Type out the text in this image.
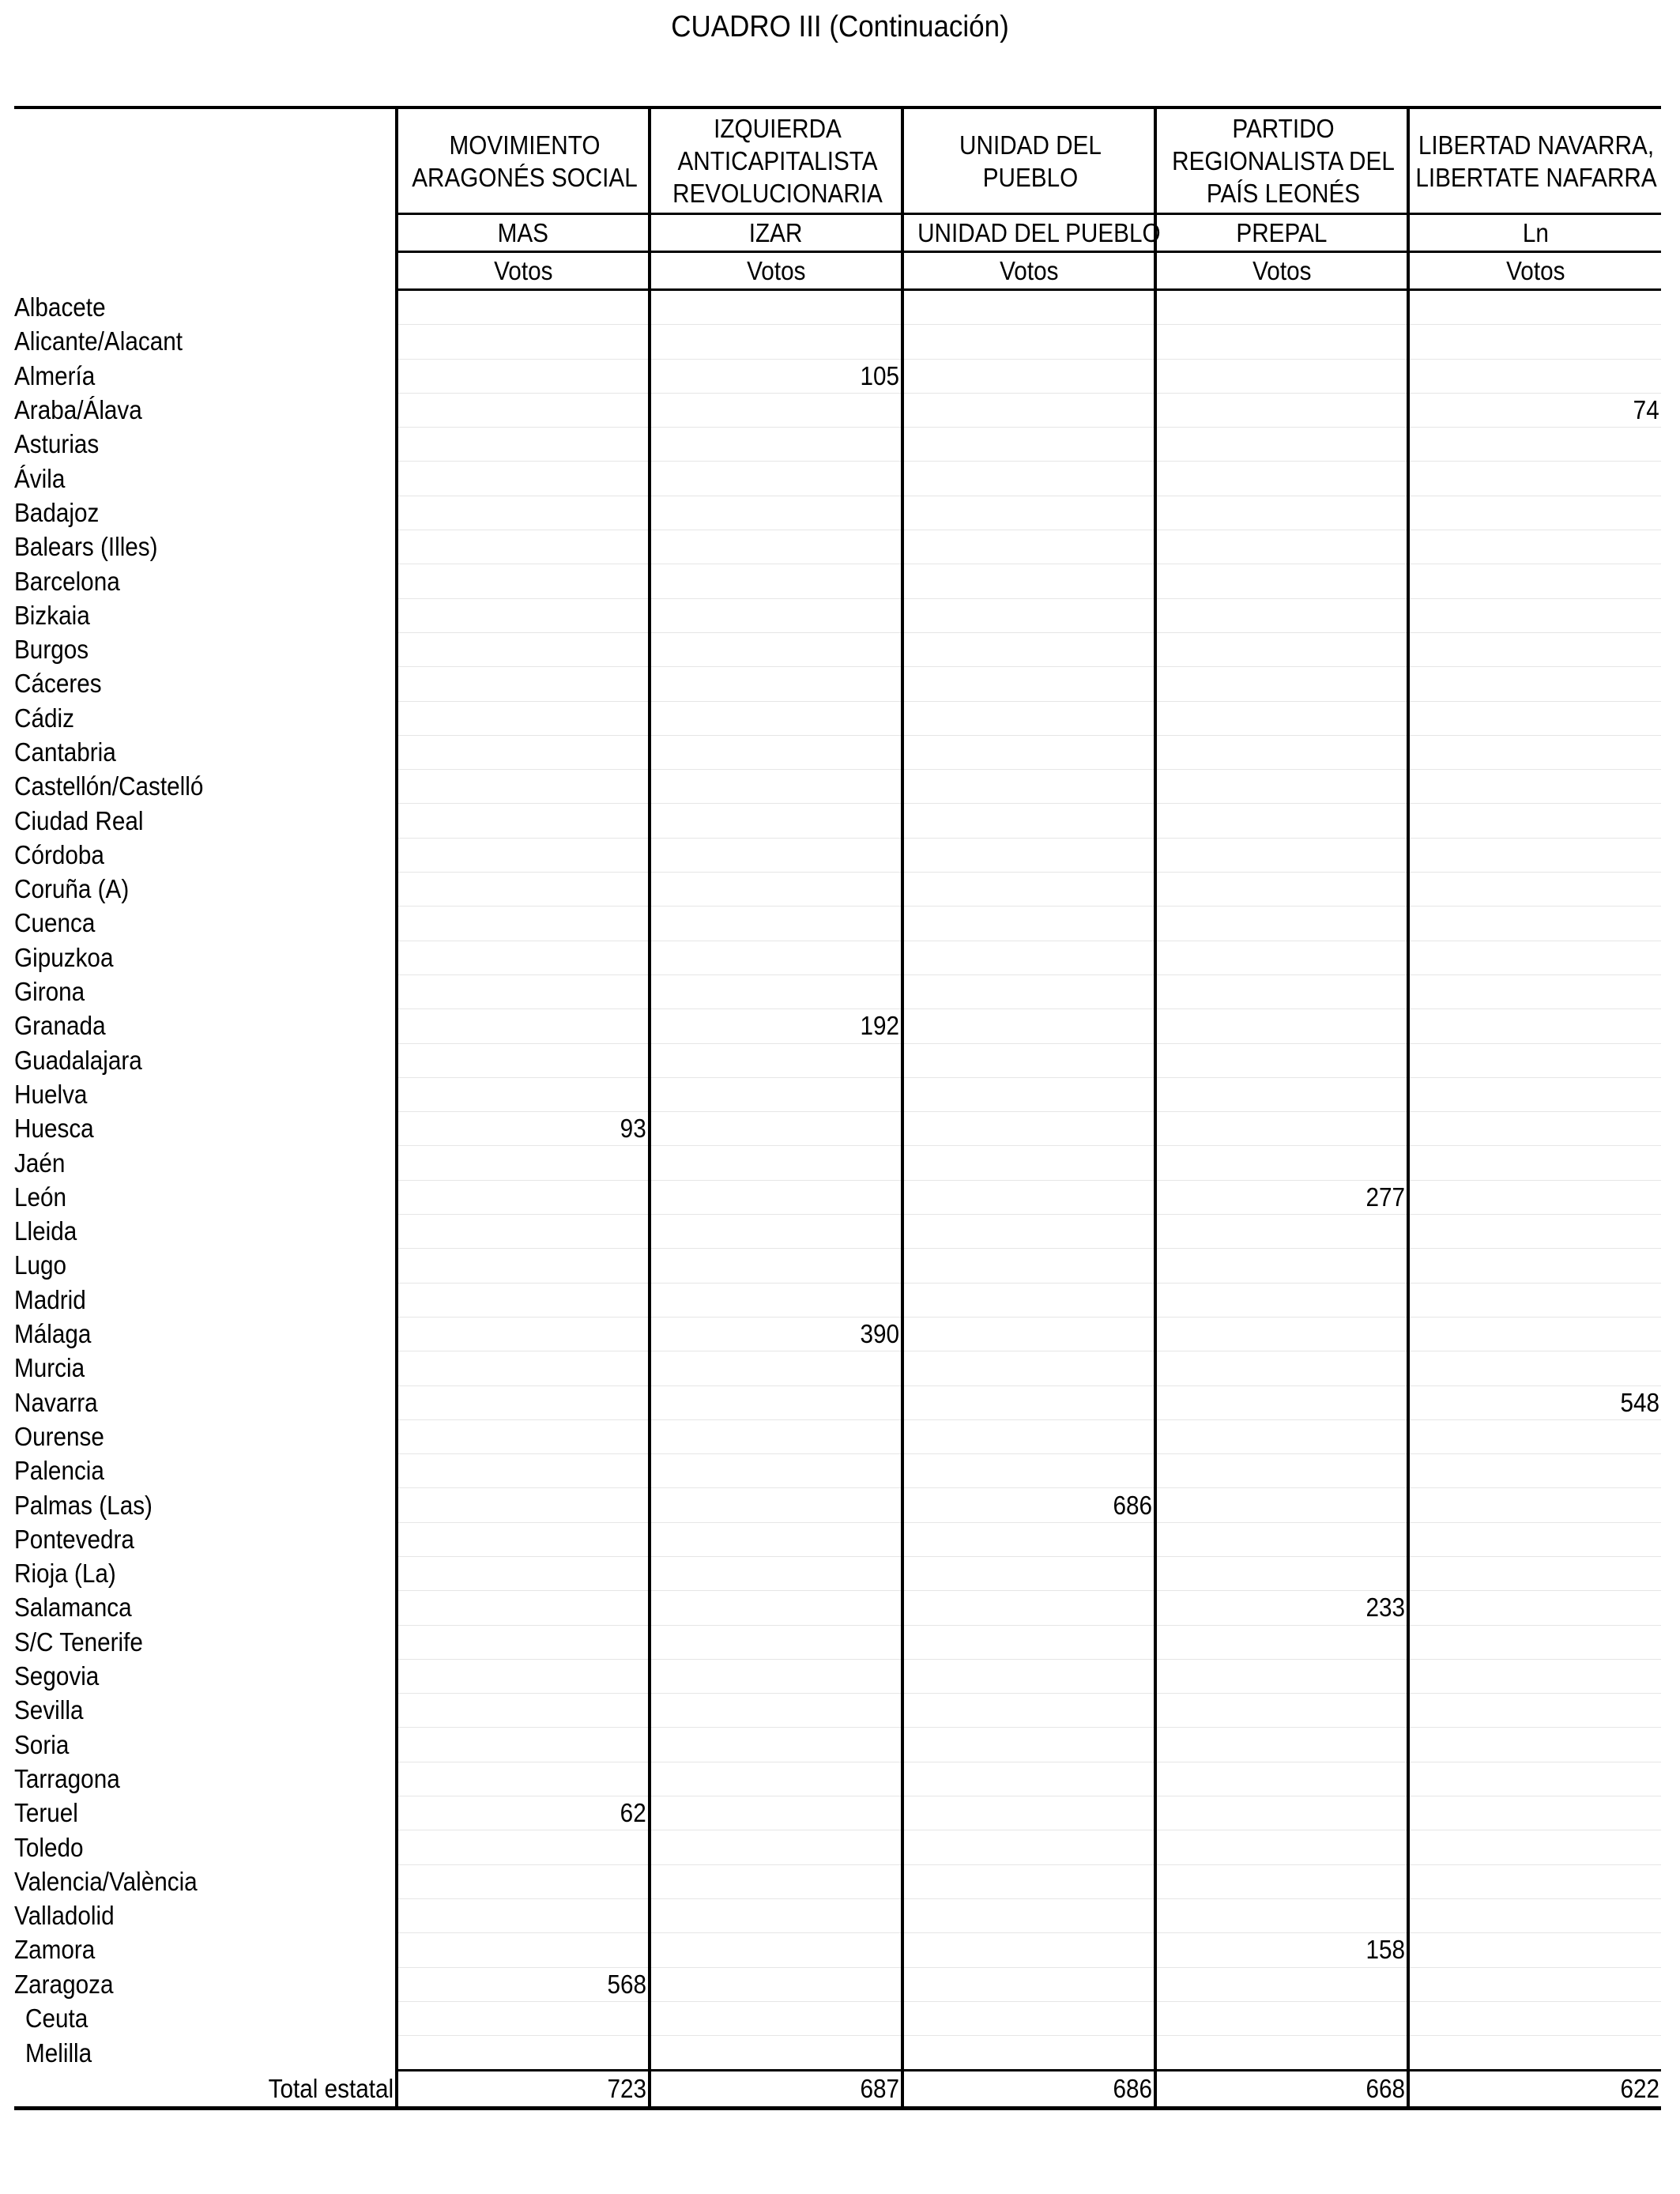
CUADRO III (Continuación)
	MOVIMIENTO ARAGONÉS SOCIAL	IZQUIERDA ANTICAPITALISTA REVOLUCIONARIA	UNIDAD DEL PUEBLO	PARTIDO REGIONALISTA DEL PAÍS LEONÉS	LIBERTAD NAVARRA, LIBERTATE NAFARRA
	MAS	IZAR	UNIDAD DEL PUEBLO	PREPAL	Ln
	Votos	Votos	Votos	Votos	Votos
Albacete					
Alicante/Alacant					
Almería		105			
Araba/Álava					74
Asturias					
Ávila					
Badajoz					
Balears (Illes)					
Barcelona					
Bizkaia					
Burgos					
Cáceres					
Cádiz					
Cantabria					
Castellón/Castelló					
Ciudad Real					
Córdoba					
Coruña (A)					
Cuenca					
Gipuzkoa					
Girona					
Granada		192			
Guadalajara					
Huelva					
Huesca	93				
Jaén					
León				277	
Lleida					
Lugo					
Madrid					
Málaga		390			
Murcia					
Navarra					548
Ourense					
Palencia					
Palmas (Las)			686		
Pontevedra					
Rioja (La)					
Salamanca				233	
S/C Tenerife					
Segovia					
Sevilla					
Soria					
Tarragona					
Teruel	62				
Toledo					
Valencia/València					
Valladolid					
Zamora				158	
Zaragoza	568				
Ceuta					
Melilla					
Total estatal	723	687	686	668	622
